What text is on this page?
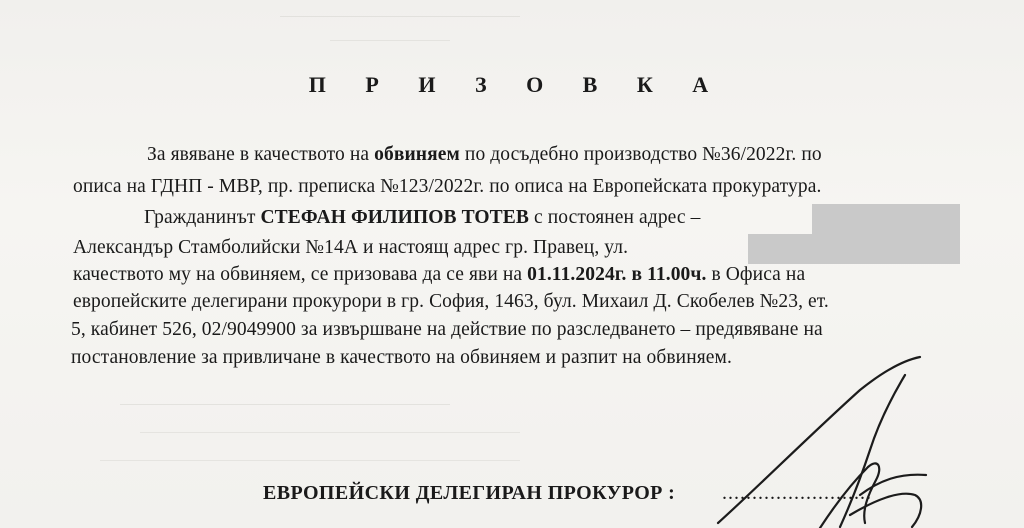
П Р И З О В К А
За явяване в качеството на обвиняем по досъдебно производство №36/2022г. по
описа на ГДНП - МВР, пр. преписка №123/2022г. по описа на Европейската прокуратура.
Гражданинът СТЕФАН ФИЛИПОВ ТОТЕВ с постоянен адрес –
Александър Стамболийски №14А и настоящ адрес гр. Правец, ул.
качеството му на обвиняем, се призовава да се яви на 01.11.2024г. в 11.00ч. в Офиса на
европейските делегирани прокурори в гр. София, 1463, бул. Михаил Д. Скобелев №23, ет.
5, кабинет 526, 02/9049900 за извършване на действие по разследването – предявяване на
постановление за привличане в качеството на обвиняем и разпит на обвиняем.
ЕВРОПЕЙСКИ ДЕЛЕГИРАН ПРОКУРОР : .........................
